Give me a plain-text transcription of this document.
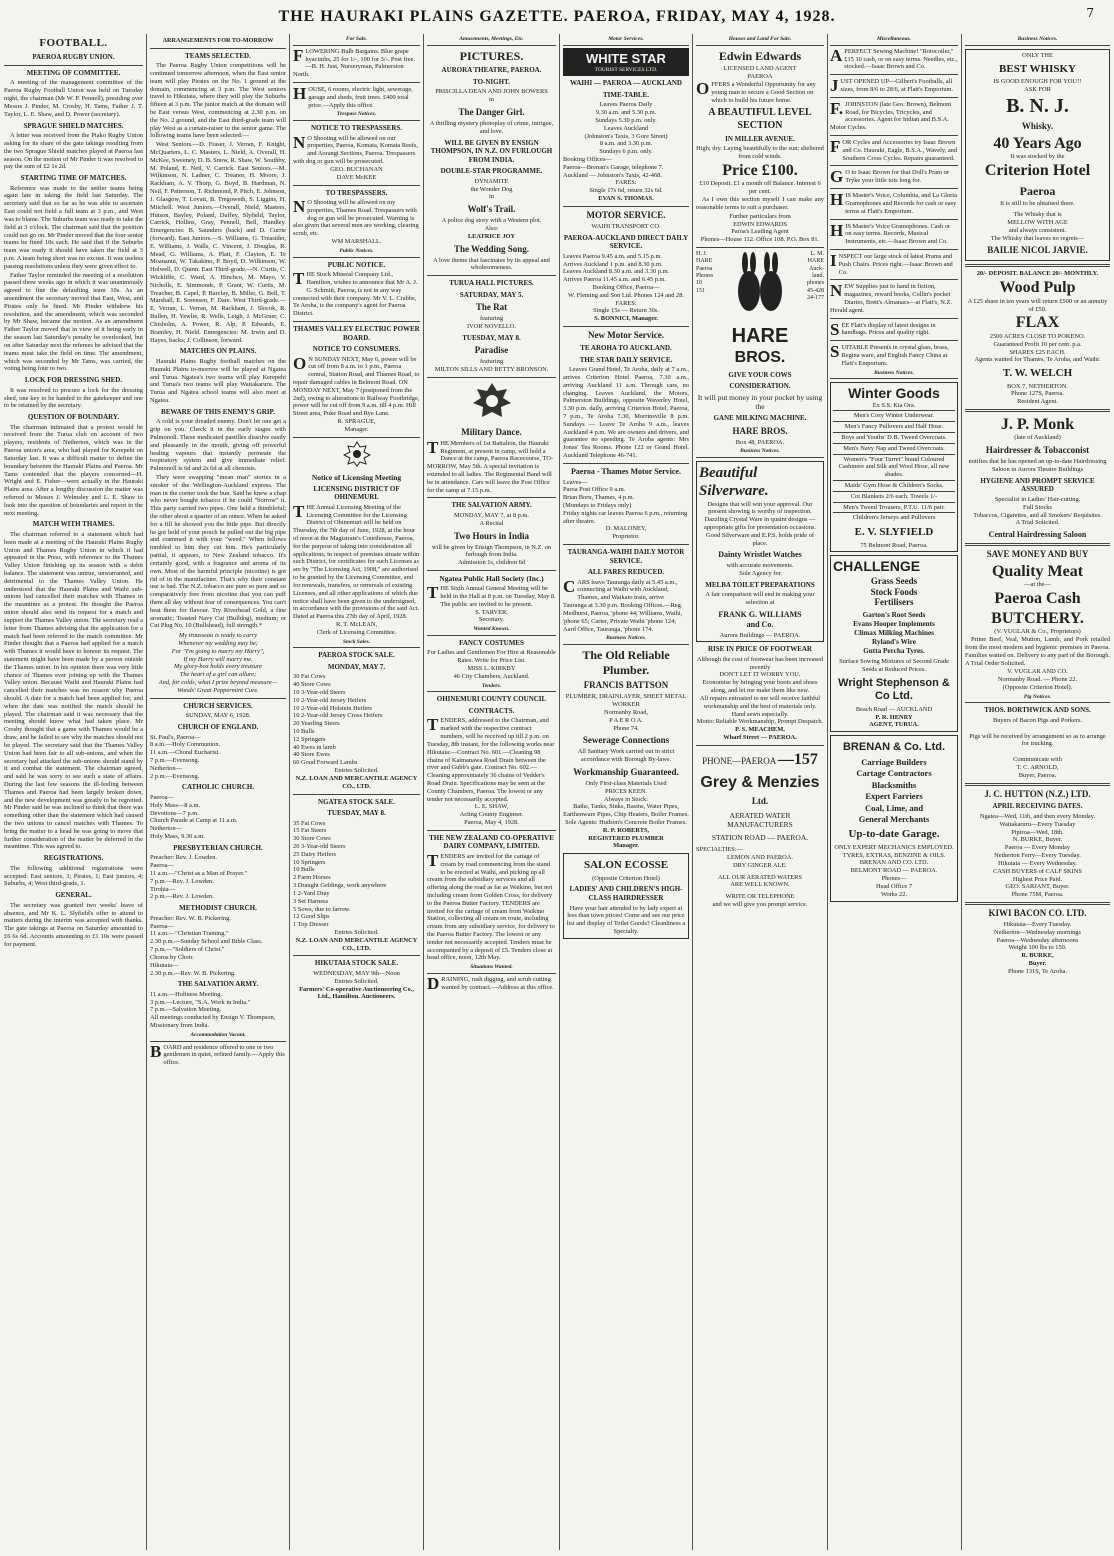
THE HAURAKI PLAINS GAZETTE. PAEROA, FRIDAY, MAY 4, 1928.	7
FOOTBALL.
PAEROA RUGBY UNION.
MEETING OF COMMITTEE.

A meeting of the management committee of the Paeroa Rugby Football Union was held on Tuesday night, the chairman (Mr W. P. Pennell), presiding over Messrs J. Pinder, M. Crosby, H. Tams, Father J. T. Taylor, L. E. Shaw, and D. Power (secretary).

SPRAGUE SHIELD MATCHES.

A letter was received from the Piako Rugby Union asking for its share of the gate takings resulting from the two Sprague Shield matches played at Paeroa last season. On the motion of Mr Pinder it was resolved to pay the sum of £2 1s 2d.

STARTING TIME OF MATCHES.

Reference was made to the settler teams being again late in taking the field last Saturday. The secretary said that so far as he was able to ascertain East could not field a full team at 3 p.m., and West was to blame. The Suburbs team was ready to take the field at 3 o'clock. The chairman said that the position could not go on. Mr Pinder moved that the four senior teams be fined 10s each. He said that if the Suburbs team was ready it should have taken the field at 3 p.m. A team being short was no excuse. It was useless passing resolutions unless they were given effect to.

Father Taylor reminded the meeting of a resolution passed three weeks ago in which it was unanimously agreed to fine the defaulting team 10s. As an amendment the secretary moved that East, West, and Pirates only be fined. Mr Pinder withdrew his resolution, and the amendment, which was seconded by Mr Shaw, became the motion. As an amendment Father Taylor moved that in view of it being early in the season last Saturday's penalty be overlooked, but on after Saturday next the referees be advised that the teams must take the field on time. The amendment, which was seconded by Mr Tams, was carried, the voting being four to two.

LOCK FOR DRESSING SHED.

It was resolved to procure a lock for the dressing shed, one key to be handed to the gatekeeper and one to be retained by the secretary.

QUESTION OF BOUNDARY.

The chairman intimated that a protest would be received from the Turua club on account of two players, residents of Netherton, which was in the Paeroa union's area, who had played for Kerepehi on Saturday last. It was a difficult matter to define the boundary between the Hauraki Plains and Paeroa. Mr Tams contended that the players concerned—H. Wright and E. Fisher—were actually in the Hauraki Plains area. After a lengthy discussion the matter was referred to Messrs J. Welmsley and L. E. Shaw to look into the question of boundaries and report to the next meeting.

MATCH WITH THAMES.

The chairman referred to a statement which had been made at a meeting of the Hauraki Plains Rugby Union and Thames Rugby Union in which it had appeared in the Press, with reference to the Thames Valley Union finishing up its season with a debit balance. The statement was untrue, unwarranted, and detrimental to the Thames Valley Union. He understood that the Hauraki Plains and Waihi sub-unions had cancelled their matches with Thames in the meantime as a protest. He thought the Paeroa union should also send its request for a match and support the Thames Valley union. The secretary read a letter from Thames advising that the application for a match had been referred to the match committee. Mr Pinder thought that a Paeroa had applied for a match with Thames it would have to honour its request. The statement might have been made by a person outside the Thames union. In his opinion there was very little chance of Thames ever joining up with the Thames Valley union. Because Waihi and Hauraki Plains had cancelled their matches was no reason why Paeroa should. A date for a match had been applied for, and when the date was notified the match should be played. The chairman said it was necessary that the meeting should know what had taken place. Mr Crosby thought that a game with Thames would be a draw, and he failed to see why the matches should not be played. The secretary said that the Thames Valley Union had been fair to all sub-unions, and when the secretary had attacked the sub-unions should stand by it and combat the statement. The chairman agreed, and said he was sorry to see such a state of affairs. During the last few seasons the ill-feeling between Thames and Paeroa had been largely broken down, and the new development was greatly to be regretted. Mr Pinder said he was inclined to think that there was something other than the statement which had caused the two unions to cancel matches with Thames. To bring the matter to a head he was going to move that further consideration of the matter be deferred in the meantime. This was agreed to.

REGISTRATIONS.

The following additional registrations were accepted: East seniors, 3; Pirates, 1; East juniors, 4; Suburbs, 4; West third-grade, 1.

GENERAL.

The secretary was granted two weeks' leave of absence, and Mr K. L. Slyfield's offer to attend to matters during the interim was accepted with thanks. The gate takings at Paeroa on Saturday amounted to £6 6s 6d. Accounts amounting to £1 10s were passed for payment.

ARRANGEMENTS FOR TO-MORROW
TEAMS SELECTED.

The Paeroa Rugby Union competitions will be continued tomorrow afternoon, when the East senior team will play Pirates on the No. 1 ground at the domain, commencing at 3 p.m. The West seniors travel to Hikutaia, where they will play the Suburbs fifteen at 3 p.m. The junior match at the domain will be East versus West, commencing at 2.30 p.m. on the No. 2 ground, and the East third-grade team will play West as a curtain-raiser to the senior game. The following teams have been selected:—

West Seniors.—D. Fraser, J. Verran, F. Knight, McQuarters, L. C. Masters, L. Nield, A. Overall, H. McKee, Sweeney, D. B. Snow, R. Shaw, W. Southby, M. Poland, E. Neil, V. Carrick. East Seniors.—M. Wilkinson, N. Ladner, C. Treanor, H. Moore, J. Rackham, A. V. Thorp, G. Boyd, B. Hardman, N. Neil, F. Patterson, T. Richmond, P. Pitch, E. Johnson, J. Glasgow, T. Lovatt, B. Tregoweth, S. Liggins, H. Mitchell. West Juniors.—Overall, Nield, Masters, Hutson, Bayley, Poland, Duffey, Slyfield, Taylor, Carrick, Hollins, Gray, Pennell, Bell, Handley. Emergencies: B. Saunders (back) and D. Currie (forward). East Juniors.—S. Williams, G. Treasider, E. Williams, J. Walls, C. Vincent, J. Douglas, R. Mead, G. Williams, A. Platt, F. Clayton, E. Te Moananui, W. Takakino, P. Boyd, D. Wilkinson, W. Holwell, D. Quinn. East Third-grade.—N. Curtis, C. Wickliffe, C. Ward, A. Hinchco, M. Mayo, V. Nicholls, E. Simmonds, P. Grant, W. Curtis, M. Treacher, B. Capel, P. Barclay, B. Miller, G. Bell, T. Marshall, E. Sorensen, F. Dare. West Third-grade.—E. Verran, L. Verran, M. Rackham, J. Slocok, R. Bullen, H. Yewlie, R. Wells, Leigh, J. McGruer, C. Chisholm, A. Power, R. Alp, P. Edwards, E. Bramley, H. Nield. Emergencies: M. Irwin and D. Hayes, backs; J. Collinson, forward.

MATCHES ON PLAINS.

Hauraki Plains Rugby football matches on the Hauraki Plains to-morrow will be played at Ngatea and Turua. Ngatea's two teams will play Kerepehi and Turua's two teams will play Waitakaruru. The Turua and Ngatea school teams will also meet at Ngatea.

BEWARE OF THIS ENEMY'S GRIP.

A cold is your dreaded enemy. Don't let one get a grip on you. Check it in the early stages with Pulmonoll. These medicated pastilles dissolve easily and pleasantly in the mouth, giving off powerful healing vapours that instantly permeate the respiratory system and give immediate relief. Pulmonoll is 6d and 2s 6d at all chemists.

They were swapping "mean man" stories in a smoker of the Wellington-Auckland express. The man in the corner took the bun. Said he knew a chap who never bought tobacco if he could "borrow" it. This party carried two pipes. One held a thimbleful; the other about a quarter of an ounce. When he asked for a fill he showed you the little pipe. But directly he got hold of your pouch he pulled out the big pipe and crammed it with your "weed." When fellows tumbled to him they cut him. He's particularly partial, it appears, to New Zealand tobacco. It's certainly good, with a fragrance and aroma of its own. Most of the harmful principle (nicotine) is got rid of in the manufacture. That's why their constant use is bad. The N.Z. tobacco are pure so pure and so comparatively free from nicotine that you can puff them all day without fear of consequences. You can't beat them for flavour. Try Riverhead Gold, a fine aromatic; Toasted Navy Cut (Bulldog), medium; or Cut Plug No. 10 (Bullshead), full strength.*

My trousseau is ready to carry
Whenever my wedding may be;
For "I'm going to marry my Harry",
If my Harry will marry me.
My glory-box holds every treasure
The heart of a girl can allure;
And, for colds, what I prize beyond measure—
Woods' Great Peppermint Cure.

CHURCH SERVICES.
SUNDAY, MAY 6, 1928.
CHURCH OF ENGLAND.
St. Paul's, Paeroa—
8 a.m.—Holy Communion.
11 a.m.—Choral Eucharist.
7 p.m.—Evensong.
Netherton—
2 p.m.—Evensong.
CATHOLIC CHURCH.
Paeroa—
Holy Mass—8 a.m.
Devotions—7 p.m.
Church Parade at Camp at 11 a.m.
Netherton—
Holy Mass, 9.30 a.m.
PRESBYTERIAN CHURCH.
Preacher: Rev. J. Lowden.
Paeroa—
11 a.m.—"Christ as a Man of Prayer."
7 p.m.—Rev. J. Lowden.
Tirohia—
2 p.m.—Rev. J. Lowden.
METHODIST CHURCH.
Preacher: Rev. W. B. Pickering.
Paeroa—
11 a.m.—"Christian Training."
2.30 p.m.—Sunday School and Bible Class.
7 p.m.—"Soldiers of Christ."
Chorus by Choir.
Hikutaia—
2.30 p.m.—Rev. W. B. Pickering.
THE SALVATION ARMY.
11 a.m.—Holiness Meeting.
3 p.m.—Lecture, "S.A. Work in India."
7 p.m.—Salvation Meeting.
All meetings conducted by Ensign V. Thompson, Missionary from India.
Accommodation Vacant.

BOARD and residence offered to one or two gentlemen in quiet, refined family.—Apply this office.

For Sale.

FLOWERING Bulb Bargains. Blue grape hyacinths, 25 for 1/-, 100 for 3/-. Post free.—B. H. Just, Nurseryman, Palmerston North.

HOUSE, 6 rooms, electric light, sewerage, garage and sheds, fruit trees. £400 total price.—Apply this office.

Trespass Notices.
NOTICE TO TRESPASSERS.

NO Shooting will be allowed on our properties, Paeroa, Komata, Komata Reefs, and Aorangi Sections, Paeroa. Trespassers with dog or gun will be prosecuted.

GEO. BUCHANAN
DAVE McKEE
TO TRESPASSERS.

NO Shooting will be allowed on my properties, Thames Road. Trespassers with dog or gun will be prosecuted. Warning is also given that several men are working, clearing scrub, etc.

WM MARSHALL.
Public Notices.
PUBLIC NOTICE.

THE Stock Mineral Company Ltd., Hamilton, wishes to announce that Mr A. J. G. Schmitt, Paeroa, is not in any way connected with their company. Mr V. L. Crabbe, Te Aroha, is the company's agent for Paeroa District.

THAMES VALLEY ELECTRIC POWER BOARD.
NOTICE TO CONSUMERS.

ON SUNDAY NEXT, May 6, power will be cut off from 8 a.m. to 1 p.m., Paeroa central, Station Road, and Thames Road, to repair damaged cables in Belmont Road. ON MONDAY NEXT, May 7 (postponed from the 2nd), owing to alterations to Railway Footbridge, power will be cut off from 9 a.m. till 4 p.m. Hill Street area, Puke Road and Rye Lane.

R. SPRAGUE,
Manager.
Notice of Licensing Meeting
LICENSING DISTRICT OF OHINEMURI.

THE Annual Licensing Meeting of the Licensing Committee for the Licensing District of Ohinemuri will be held on Thursday, the 7th day of June, 1928, at the hour of noon at the Magistrate's Courthouse, Paeroa, for the purpose of taking into consideration all applications, in respect of premises situate within such District, for certificates for such Licenses as are by "The Licensing Act, 1908," are authorised to be granted by the Licensing Committee, and for renewals, transfers, or removals of existing Licenses, and all other applications of which due notice shall have been given to the undersigned, in accordance with the provisions of the said Act. Dated at Paeroa this 27th day of April, 1928.

R. T. McLEAN,
Clerk of Licensing Committee.
Stock Sales.
PAEROA STOCK SALE.
MONDAY, MAY 7.
30 Fat Cows
40 Store Cows
10 3-Year-old Steers
10 2-Year-old Jersey Heifers
10 2-Year-old Holstein Heifers
10 2-Year-old Jersey Cross Heifers
20 Yearling Steers
10 Bulls
12 Springers
40 Ewes in lamb
40 Store Ewes
60 Good Forward Lambs
Entries Solicited.
N.Z. LOAN AND MERCANTILE AGENCY CO., LTD.
NGATEA STOCK SALE.
TUESDAY, MAY 8.
35 Fat Cows
15 Fat Steers
30 Store Cows
20 3-Year-old Steers
25 Dairy Heifers
10 Springers
10 Bulls
2 Farm Horses
3 Draught Geldings, work anywhere
1 2-Yard Dray
3 Set Harness
5 Sows, due to farrow.
12 Good Slips
1 Top Dresser
Entries Solicited.
N.Z. LOAN AND MERCANTILE AGENCY CO., LTD.
HIKUTAIA STOCK SALE.
WEDNESDAY, MAY 9th—Noon
Entries Solicited.
Farmers' Co-operative Auctioneering Co., Ltd., Hamilton. Auctioneers.
Amusements, Meetings, Etc.
PICTURES.
AURORA THEATRE, PAEROA.
TO-NIGHT.
PRISCILLA DEAN AND JOHN BOWERS
in
The Danger Girl.
A thrilling mystery photoplay of crime, intrigue, and love.
WILL BE GIVEN BY ENSIGN THOMPSON, IN N.Z. ON FURLOUGH FROM INDIA.
DOUBLE-STAR PROGRAMME.
DYNAMITE
the Wonder Dog
in
Wolf's Trail.
A police dog story with a Western plot.
Also:
LEATRICE JOY
The Wedding Song.
A love theme that fascinates by its appeal and wholesomeness.
TURUA HALL PICTURES.
SATURDAY, MAY 5.
The Rat
featuring
IVOR NOVELLO.
TUESDAY, MAY 8.
Paradise
featuring
MILTON SILLS AND BETTY BRONSON.
Military Dance.

THE Members of 1st Battalion, the Hauraki Regiment, at present in camp, will hold a Dance at the camp, Paeroa Racecourse, TO-MORROW, May 5th. A special invitation is extended to all ladies. The Regimental Band will be in attendance. Cars will leave the Post Office for the camp at 7.15 p.m.

THE SALVATION ARMY.
MONDAY, MAY 7, at 8 p.m.
A Recital
Two Hours in India
will be given by Ensign Thompson, in N.Z. on furlough from India.
Admission 1s, children 6d
Ngatea Public Hall Society (Inc.)

THE Sixth Annual General Meeting will be held in the Hall at 8 p.m. on Tuesday, May 8. The public are invited to be present.

S. TARVER,
Secretary.
Wanted Known.
FANCY COSTUMES
For Ladies and Gentlemen For Hire at Reasonable Rates. Write for Price List.
MISS L. KIRKBY
46 City Chambers, Auckland.
Tenders.
OHINEMURI COUNTY COUNCIL
CONTRACTS.

TENDERS, addressed to the Chairman, and marked with the respective contract numbers, will be received up till 2 p.m. on Tuesday, 8th instant, for the following works near Hikutaia:—Contract No. 601.—Cleaning 98 chains of Kaimanawa Road Drain between the river and Gubb's gate. Contract No. 602.—Cleaning approximately 36 chains of Vedder's Road Drain. Specifications may be seen at the County Chambers, Paeroa. The lowest or any tender not necessarily accepted.

L. E. SHAW,
Acting County Engineer.
Paeroa, May 4, 1928.
THE NEW ZEALAND CO-OPERATIVE DAIRY COMPANY, LIMITED.

TENDERS are invited for the cartage of cream by road commencing from the stand to be erected at Waihi, and picking up all cream from the subsidiary services and all offering along the road as far as Waikino, but not including cream from Golden Cross, for delivery to the Paeroa Butter Factory. TENDERS are invited for the cartage of cream from Waikino Station, collecting all cream en route, including cream from any subsidiary service, for delivery to the Paeroa Butter Factory. The lowest or any tender not necessarily accepted. Tenders must be accompanied by a deposit of £5. Tenders close at head office, noon, 12th May.

Situations Wanted.

DRAINING, rush digging, and scrub cutting wanted by contract.—Address at this office.

Motor Services.
WHITE STAR
TOURIST SERVICES LTD.
WAIHI — PAEROA — AUCKLAND
TIME-TABLE.
Leaves Paeroa Daily
9.30 a.m. and 5.30 p.m.
Sundays 5.30 p.m. only.
Leaves Auckland
(Johnston's Taxis, 3 Gore Street)
8 a.m. and 3.30 p.m.
Sundays 6 p.m. only.
Booking Offices—
Paeroa—Brenan's Garage, telephone 7.
Auckland — Johnston's Taxis, 42-468.
FARES:
Single 17s 6d, return 32s 6d.
EVAN S. THOMAS.
MOTOR SERVICE.
WAIHI TRANSPORT CO.
PAEROA-AUCKLAND DIRECT DAILY SERVICE.
Leaves Paeroa 9.45 a.m. and 5.15 p.m.
Arrives Auckland 1 p.m. and 8.30 p.m.
Leaves Auckland 8.30 a.m. and 3.30 p.m.
Arrives Paeroa 11.45 a.m. and 6.45 p.m.
Booking Office, Paeroa—
W. Fleming and Son Ltd. Phones 124 and 28.
FARES:
Single 15s — Return 30s.
S. BONNICI, Manager.
New Motor Service.
TE AROHA TO AUCKLAND.
THE STAR DAILY SERVICE.

Leaves Grand Hotel, Te Aroha, daily at 7 a.m., arrives Criterion Hotel Paeroa, 7.30 a.m., arriving Auckland 11 a.m. Through cars, no changing. Leaves Auckland, the Motors, Palmerston Buildings, opposite Waverley Hotel, 3.30 p.m. daily, arriving Criterion Hotel, Paeroa, 7 p.m., Te Aroha 7.30, Morrinsville 8 p.m. Sundays — Leave Te Aroha 9 a.m., leaves Auckland 4 p.m. We are owners and drivers, and guarantee no speeding. Te Aroha agents: Mrs Jonas' Tea Rooms. Phone 122 or Grand Hotel. Auckland Telephone 46-741.

Paeroa - Thames Motor Service.
Leaves—
Paroa Post Office 9 a.m.
Brian Boru, Thames, 4 p.m.
(Mondays to Fridays only)
Friday nights car leaves Paeroa 6 p.m., returning after theatre.
D. MALONEY,
Proprietor.
TAURANGA-WAIHI DAILY MOTOR SERVICE.
ALL FARES REDUCED.

CARS leave Tauranga daily at 5.45 a.m., connecting at Waihi with Auckland, Thames, and Waikato train, arrive Tauranga at 3.30 p.m. Booking Offices.—Reg. Medhurst, Paeroa, 'phone 44; Williams, Waihi, 'phone 65; Carter, Private Waihi 'phone 124; Aard Office, Tauranga, 'phone 174.

Business Notices.
The Old Reliable Plumber.
FRANCIS BATTSON
PLUMBER, DRAINLAYER, SHEET METAL WORKER
Normanby Road,
P A E R O A.
Phone 74.
Sewerage Connections
All Sanitary Work carried out in strict accordance with Borough By-laws.
Workmanship Guaranteed.
Only First-class Materials Used
PRICES KEEN.
Always in Stock:
Baths, Tanks, Sinks, Basins, Water Pipes, Earthenware Pipes, Chip Heaters, Boiler Frames.
Sole Agents: Hudson's Concrete Boiler Frames.
R. P. ROBERTS,
REGISTERED PLUMBER
Manager.
SALON ECOSSE
(Opposite Criterion Hotel)
LADIES' AND CHILDREN'S HIGH-CLASS HAIRDRESSER
Have your hair attended to by lady expert at less than town prices! Come and see our price list and display of Toilet Goods? Cleanliness a Specialty.
Houses and Land For Sale.
Edwin Edwards
LICENSED LAND AGENT
PAEROA

OFFERS a Wonderful Opportunity for any young man to secure a Good Section on which to build his future home.

A BEAUTIFUL LEVEL SECTION
IN MILLER AVENUE.
High; dry. Laying beautifully to the sun; sheltered from cold winds.
Price £100.
£10 Deposit. £1 a month off Balance. Interest 6 per cent.

As I own this section myself I can make any reasonable terms to suit a purchaser.

Further particulars from
EDWIN EDWARDS
Paroa's Leading Agent
Phones—House 112. Office 108. P.O. Box 81.
H. J.
HARE
Paeroa
Phones
10
151
L. M.
HARE
Auck-
land.
phones
45-428
24-177
HARE
BROS.
GIVE YOUR COWS
CONSIDERATION.
It will put money in your pocket by using the
GANE MILKING MACHINE.
HARE BROS.
Box 48, PAEROA.
Business Notices.
Beautiful Silverware.
Designs that will win your approval. Our present showing is worthy of inspection. Dazzling Crystal Ware in quaint designs — appropriate gifts for presentation occasions. Good Silverware and E.P.S. holds pride of place.
Dainty Wristlet Watches
with accurate movements.
Sole Agency for
MELBA TOILET PREPARATIONS
A fair comparison will end in making your selection at
FRANK G. WILLIAMS
and Co.
Aurora Buildings — PAEROA.
RISE IN PRICE OF FOOTWEAR
Although the cost of footwear has been increased recently
DON'T LET IT WORRY YOU.
Economise by bringing your boots and shoes along, and let me make them like new.
All repairs entrusted to me will receive faithful workmanship and the best of materials only. Hand sewn especially.
Motto: Reliable Workmanship, Prompt Despatch.
P. S. MEACHEM,
Wharf Street — PAEROA.
PHONE—PAEROA —157
Grey & Menzies
Ltd.
AERATED WATER
MANUFACTURERS
STATION ROAD — PAEROA.
SPECIALTIES:—
LEMON AND PAEROA.
DRY GINGER ALE.
ALL OUR AERATED WATERS
ARE WELL KNOWN.
WRITE OR TELEPHONE
and we will give you prompt service.
Miscellaneous.

APERFECT Sewing Machine! "Rotocoiler," £15 10 cash, or on easy terms. Needles, etc., stocked.—Isaac Brown and Co.

JUST OPENED UP—Gilbert's Footballs, all sizes, from 8/6 to 28/6, at Flatt's Emporium.

F.JOHNSTON (late Geo. Brown), Belmont Road, for Bicycles, Tricycles, and accessories. Agent for Indian and B.S.A. Motor Cycles.

FOR Cycles and Accessories try Isaac Brown and Co. Hauraki, Eagle, B.S.A., Wavely, and Southern Cross Cycles. Repairs guaranteed.

GO to Isaac Brown for that Doll's Pram or Tryke your little tots long for.

HIS Master's Voice, Columbia, and La Gloria Gramophones and Records for cash or easy terms at Flatt's Emporium.

HIS Master's Voice Gramophones. Cash or on easy terms. Records, Musical Instruments, etc.—Isaac Brown and Co.

INSPECT our large stock of latest Prams and Push Chairs. Prices right.—Isaac Brown and Co.

NEW Supplies just to hand in fiction, magazines, reward books, Collin's pocket Diaries, Brett's Almanacs—at Flatt's, N.Z. Herald agent.

SEE Flatt's display of latest designs in handbags. Prices and quality right.

SUITABLE Presents in crystal glass, brass, Regina ware, and English Fancy China at Flatt's Emporium.

Business Notices.
Winter Goods
Ex S.S. Kia Ora.
Men's Cosy Winter Underwear.
Men's Fancy Pullovers and Half Hose.
Boys and Youths' D.B. Tweed Overcoats.
Men's Navy Nap and Tweed Overcoats.
Women's "Four Turret" brand Coloured Cashmere and Silk and Wool Hose, all new shades.
Maids' Gym Hose & Children's Socks.
Cot Blankets 2/6 each. Towels 1/-
Men's Tweed Trousers, P.T.U. 11/6 pair.
Children's Jerseys and Pullovers
E. V. SLYFIELD
75 Belmont Road, Paeroa.
CHALLENGE
Grass Seeds
Stock Foods
Fertilisers
Garton's Root Seeds
Evans Hooper Implements
Climax Milking Machines
Ryland's Wire
Gutta Percha Tyres.
Surface Sowing Mixtures of Second Grade Seeds at Reduced Prices.
Wright Stephenson & Co Ltd.
Beach Road — AUCKLAND
P. R. HENRY
AGENT, TURUA.
BRENAN & Co. Ltd.
Carriage Builders
Cartage Contractors
Blacksmiths
Expert Farriers
Coal, Lime, and
General Merchants
Up-to-date Garage.
ONLY EXPERT MECHANICS EMPLOYED.
TYRES, EXTRAS, BENZINE & OILS.
BRENAN AND CO. LTD.
BELMONT ROAD — PAEROA.
Phones—
Head Office 7
Works 22.
Business Notices.
ONLY THE
BEST WHISKY
IS GOOD ENOUGH FOR YOU!!
ASK FOR
B. N. J.
Whisky.
40 Years Ago
It was stocked by the
Criterion Hotel
Paeroa
It is still to be obtained there.
The Whisky that is
MELLOW WITH AGE
and always consistent.
The Whisky that leaves no regrets—
BAILIE NICOL JARVIE.
20/- DEPOSIT. BALANCE 20/- MONTHLY.
Wood Pulp
A £25 share in ten years will return £500 or an annuity of £50.
FLAX
2500 ACRES CLOSE TO POKENO.
Guaranteed Profit 10 per cent. p.a.
SHARES £25 EACH.
Agents wanted for Thames, Te Aroha, and Waihi.
T. W. WELCH
BOX 7, NETHERTON.
Phone 127S, Paeroa.
Resident Agent.
J. P. Monk
(late of Auckland)
Hairdresser & Tobacconist
notifies that he has opened an up-to-date Hairdressing Saloon in Aurora Theatre Buildings
HYGIENE AND PROMPT SERVICE ASSURED
Specialist in Ladies' Hair-cutting.
Full Stocks
Tobaccos, Cigarettes, and all Smokers' Requisites.
A Trial Solicited.
Central Hairdressing Saloon
SAVE MONEY AND BUY
Quality Meat
—at the—
Paeroa Cash BUTCHERY.
(V. VUGLAR & Co., Proprietors)

Prime Beef, Veal, Mutton, Lamb, and Pork retailed from the most modern and hygienic premises in Paeroa. Families waited on. Delivery to any part of the Borough. A Trial Order Solicited.

V. VUGLAR AND CO.
Normanby Road. — Phone 22.
(Opposite Criterion Hotel).
Pig Notices.
THOS. BORTHWICK AND SONS.
Buyers of Bacon Pigs and Porkers.

Pigs will be received by arrangement so as to arrange for trucking.

Communicate with
T. C. ARNOLD,
Buyer, Paeroa.
J. C. HUTTON (N.Z.) LTD.
APRIL RECEIVING DATES.
Ngatea—Wed, 11th, and then every Monday.
Waitakaruru—Every Tuesday
Pipiroa—Wed, 18th.
N. BURKE, Buyer.
Paeroa — Every Monday
Netherton Ferry—Every Tuesday.
Hikutaia — Every Wednesday.
CASH BUYERS of CALF SKINS
Highest Price Paid.
GEO. SARJANT, Buyer.
Phone 75M, Paeroa.
KIWI BACON CO. LTD.
Hikutaia—Every Tuesday.
Netherton—Wednesday mornings
Paeroa—Wednesday afternoons
Weight 100 lbs to 150.
R. BURKE,
Buyer.
Phone 131S, Te Aroha.
